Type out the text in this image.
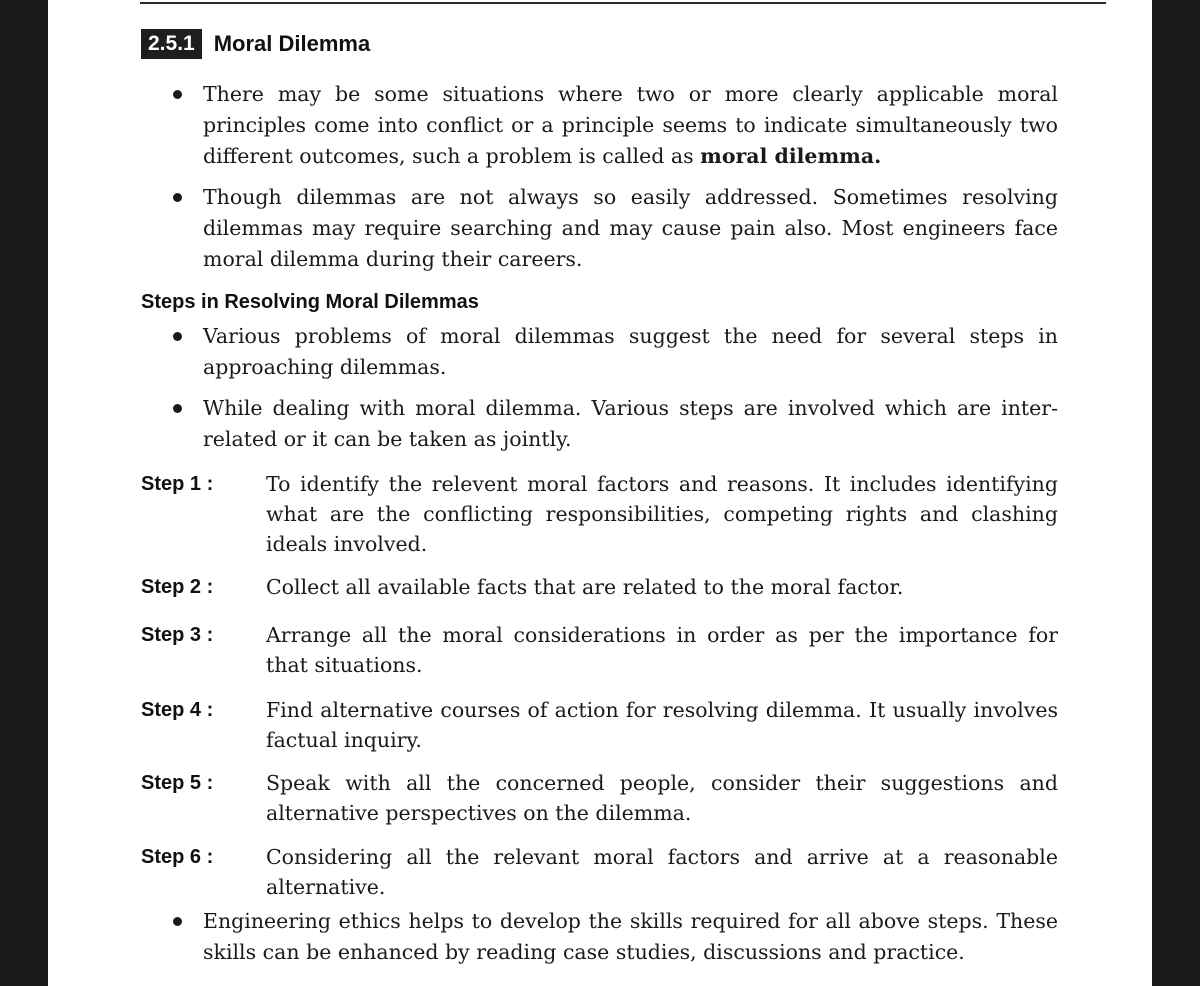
2.5.1 Moral Dilemma
There may be some situations where two or more clearly applicable moral principles come into conflict or a principle seems to indicate simultaneously two different outcomes, such a problem is called as moral dilemma.
Though dilemmas are not always so easily addressed. Sometimes resolving dilemmas may require searching and may cause pain also. Most engineers face moral dilemma during their careers.
Steps in Resolving Moral Dilemmas
Various problems of moral dilemmas suggest the need for several steps in approaching dilemmas.
While dealing with moral dilemma. Various steps are involved which are inter-related or it can be taken as jointly.
Step 1 :	To identify the relevent moral factors and reasons. It includes identifying what are the conflicting responsibilities, competing rights and clashing ideals involved.
Step 2 :	Collect all available facts that are related to the moral factor.
Step 3 :	Arrange all the moral considerations in order as per the importance for that situations.
Step 4 :	Find alternative courses of action for resolving dilemma. It usually involves factual inquiry.
Step 5 :	Speak with all the concerned people, consider their suggestions and alternative perspectives on the dilemma.
Step 6 :	Considering all the relevant moral factors and arrive at a reasonable alternative.
Engineering ethics helps to develop the skills required for all above steps. These skills can be enhanced by reading case studies, discussions and practice.
